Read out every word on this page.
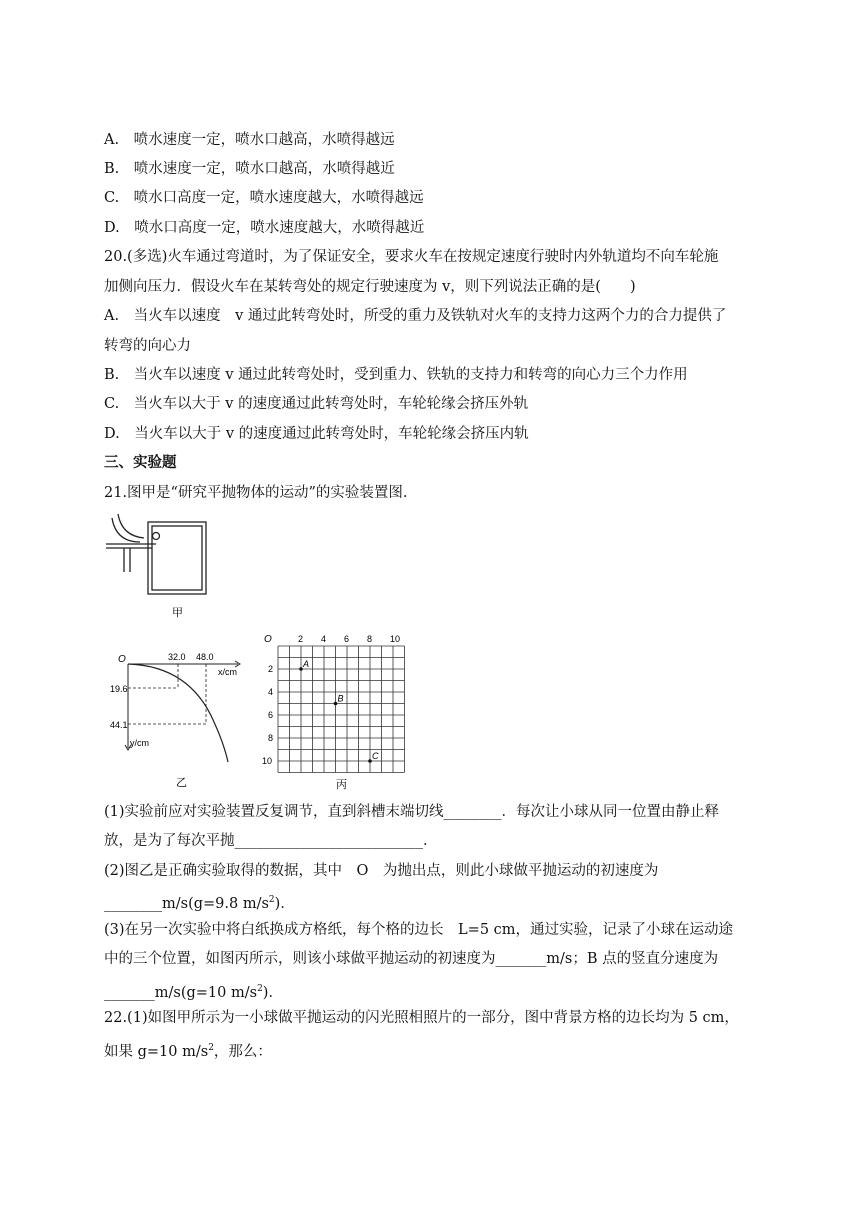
A.　喷水速度一定，喷水口越高，水喷得越远
B.　喷水速度一定，喷水口越高，水喷得越近
C.　喷水口高度一定，喷水速度越大，水喷得越远
D.　喷水口高度一定，喷水速度越大，水喷得越近
20.(多选)火车通过弯道时，为了保证安全，要求火车在按规定速度行驶时内外轨道均不向车轮施
加侧向压力．假设火车在某转弯处的规定行驶速度为 v，则下列说法正确的是(　　)
A.　当火车以速度　v 通过此转弯处时，所受的重力及铁轨对火车的支持力这两个力的合力提供了
转弯的向心力
B.　当火车以速度 v 通过此转弯处时，受到重力、铁轨的支持力和转弯的向心力三个力作用
C.　当火车以大于 v 的速度通过此转弯处时，车轮轮缘会挤压外轨
D.　当火车以大于 v 的速度通过此转弯处时，车轮轮缘会挤压内轨
三、实验题
21.图甲是“研究平抛物体的运动”的实验装置图.
甲
O	32.0 48.0
x/cm
19.6
44.1
y/cm
乙
2 4 6 8 10
2
4
6
8
10
A
B
C
O
丙
(1)实验前应对实验装置反复调节，直到斜槽末端切线________．每次让小球从同一位置由静止释
放，是为了每次平抛__________________________．
(2)图乙是正确实验取得的数据，其中　O　为抛出点，则此小球做平抛运动的初速度为
________m/s(g=9.8 $m/s^2$)．
(3)在另一次实验中将白纸换成方格纸，每个格的边长　L=5 cm，通过实验，记录了小球在运动途
中的三个位置，如图丙所示，则该小球做平抛运动的初速度为_______m/s；B 点的竖直分速度为
_______m/s(g=10 $m/s^2$)．
22.(1)如图甲所示为一小球做平抛运动的闪光照相照片的一部分，图中背景方格的边长均为 5 cm，
如果 g=10 $m/s^2$，那么：
